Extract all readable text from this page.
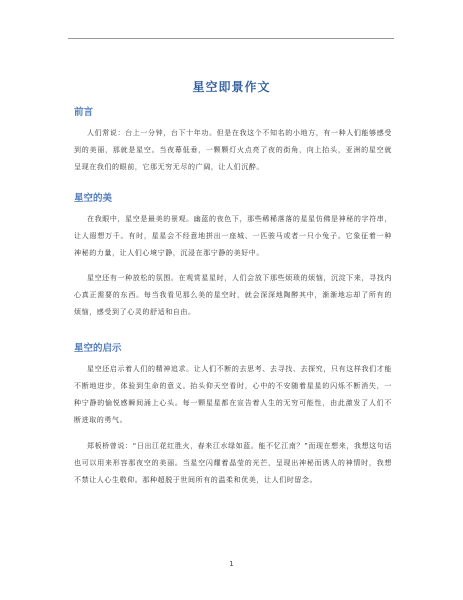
星空即景作文
前言
人们常说：台上一分钟，台下十年功。但是在我这个不知名的小地方，有一种人们能够感受到的美丽，那就是星空。当夜幕低垂，一颗颗灯火点亮了夜的街角，向上抬头，亚洲的星空就呈现在我们的眼前，它那无穷无尽的广阔，让人们沉醉。
星空的美
在我眼中，星空是最美的景观。幽蓝的夜色下，那些稀稀落落的星星仿佛是神秘的字符串，让人遐想万千。有时，星星会不经意地拼出一座城、一匹骏马或者一只小兔子。它象征着一种神秘的力量，让人们心境宁静，沉浸在那宁静的美好中。
星空还有一种放松的氛围。在观赏星星时，人们会放下那些烦琐的烦恼，沉淀下来，寻找内心真正需要的东西。每当我看见那么美的星空时，就会深深地陶醉其中，渐渐地忘却了所有的烦恼，感受到了心灵的舒适和自由。
星空的启示
星空还启示着人们的精神追求。让人们不断的去思考、去寻找、去探究，只有这样我们才能不断地进步，体验到生命的意义。抬头仰天空看时，心中的不安随着星星的闪烁不断消失，一种宁静的愉悦感瞬间涌上心头。每一颗星星都在宣告着人生的无穷可能性，由此激发了人们不断进取的勇气。
郑板桥曾说：“日出江花红胜火，春来江水绿如蓝。能不忆江南？”而现在想来，我想这句话也可以用来形容那夜空的美丽。当星空闪耀着晶莹的光芒，呈现出神秘而诱人的神情时，我想不禁让人心生敬仰。那种超脱于世间所有的温柔和优美，让人们时留念。
1
